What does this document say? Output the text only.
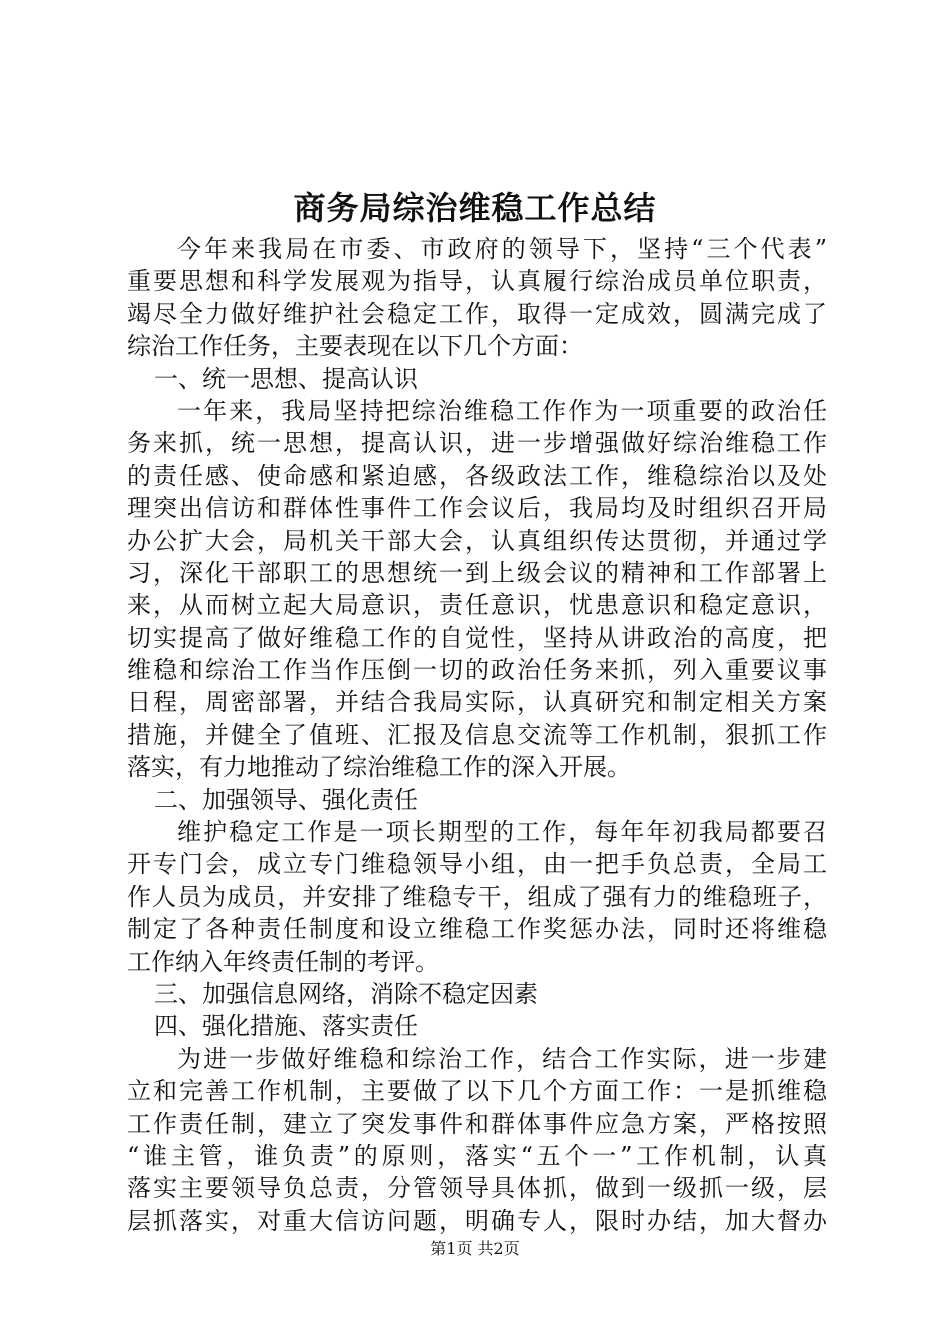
商务局综治维稳工作总结
今年来我局在市委、市政府的领导下，坚持“三个代表”
重要思想和科学发展观为指导，认真履行综治成员单位职责，
竭尽全力做好维护社会稳定工作，取得一定成效，圆满完成了
综治工作任务，主要表现在以下几个方面：
一、统一思想、提高认识
一年来，我局坚持把综治维稳工作作为一项重要的政治任
务来抓，统一思想，提高认识，进一步增强做好综治维稳工作
的责任感、使命感和紧迫感，各级政法工作，维稳综治以及处
理突出信访和群体性事件工作会议后，我局均及时组织召开局
办公扩大会，局机关干部大会，认真组织传达贯彻，并通过学
习，深化干部职工的思想统一到上级会议的精神和工作部署上
来，从而树立起大局意识，责任意识，忧患意识和稳定意识，
切实提高了做好维稳工作的自觉性，坚持从讲政治的高度，把
维稳和综治工作当作压倒一切的政治任务来抓，列入重要议事
日程，周密部署，并结合我局实际，认真研究和制定相关方案
措施，并健全了值班、汇报及信息交流等工作机制，狠抓工作
落实，有力地推动了综治维稳工作的深入开展。
二、加强领导、强化责任
维护稳定工作是一项长期型的工作，每年年初我局都要召
开专门会，成立专门维稳领导小组，由一把手负总责，全局工
作人员为成员，并安排了维稳专干，组成了强有力的维稳班子，
制定了各种责任制度和设立维稳工作奖惩办法，同时还将维稳
工作纳入年终责任制的考评。
三、加强信息网络，消除不稳定因素
四、强化措施、落实责任
为进一步做好维稳和综治工作，结合工作实际，进一步建
立和完善工作机制，主要做了以下几个方面工作：一是抓维稳
工作责任制，建立了突发事件和群体事件应急方案，严格按照
“谁主管，谁负责”的原则，落实“五个一”工作机制，认真
落实主要领导负总责，分管领导具体抓，做到一级抓一级，层
层抓落实，对重大信访问题，明确专人，限时办结，加大督办
第1页 共2页
